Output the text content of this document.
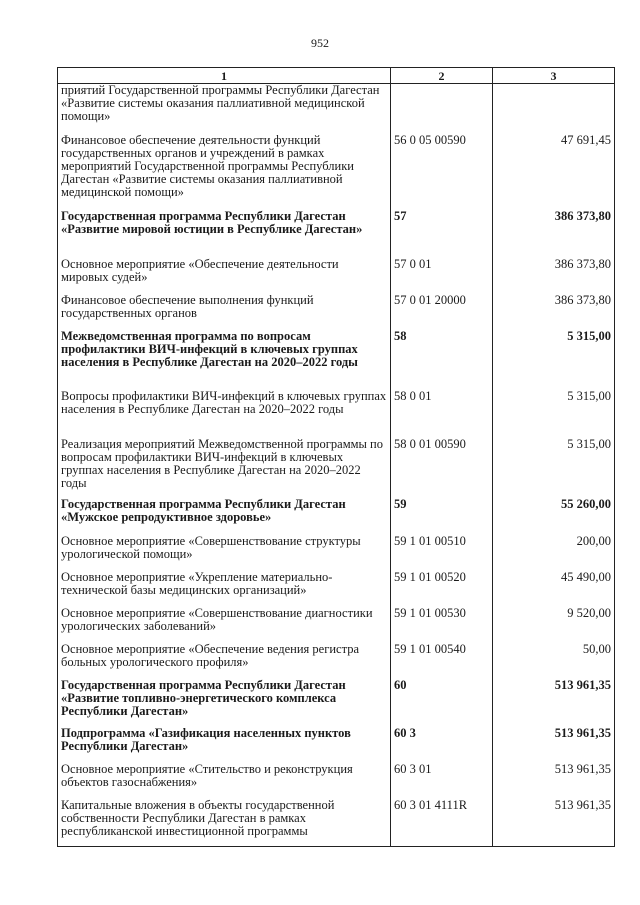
952
1	2	3
приятий Государственной программы Республики Дагестан «Развитие системы оказания паллиативной медицинской помощи»		
Финансовое обеспечение деятельности функций государственных органов и учреждений в рамках мероприятий Государственной программы Республики Дагестан «Развитие системы оказания паллиативной медицинской помощи»	56 0 05 00590	47 691,45
Государственная программа Республики Дагестан «Развитие мировой юстиции в Республике Дагестан»	57	386 373,80
Основное мероприятие «Обеспечение деятельности мировых судей»	57 0 01	386 373,80
Финансовое обеспечение выполнения функций государственных органов	57 0 01 20000	386 373,80
Межведомственная программа по вопросам профилактики ВИЧ-инфекций в ключевых группах населения в Республике Дагестан на 2020–2022 годы	58	5 315,00
Вопросы профилактики ВИЧ-инфекций в ключевых группах населения в Республике Дагестан на 2020–2022 годы	58 0 01	5 315,00
Реализация мероприятий Межведомственной программы по вопросам профилактики ВИЧ-инфекций в ключевых группах населения в Республике Дагестан на 2020–2022 годы	58 0 01 00590	5 315,00
Государственная программа Республики Дагестан «Мужское репродуктивное здоровье»	59	55 260,00
Основное мероприятие «Совершенствование структуры урологической помощи»	59 1 01 00510	200,00
Основное мероприятие «Укрепление материально-технической базы медицинских организаций»	59 1 01 00520	45 490,00
Основное мероприятие «Совершенствование диагностики урологических заболеваний»	59 1 01 00530	9 520,00
Основное мероприятие «Обеспечение ведения регистра больных урологического профиля»	59 1 01 00540	50,00
Государственная программа Республики Дагестан «Развитие топливно-энергетического комплекса Республики Дагестан»	60	513 961,35
Подпрограмма «Газификация населенных пунктов Республики Дагестан»	60 3	513 961,35
Основное мероприятие «Стительство и реконструкция объектов газоснабжения»	60 3 01	513 961,35
Капитальные вложения в объекты государственной собственности Республики Дагестан в рамках республиканской инвестиционной программы	60 3 01 4111R	513 961,35
